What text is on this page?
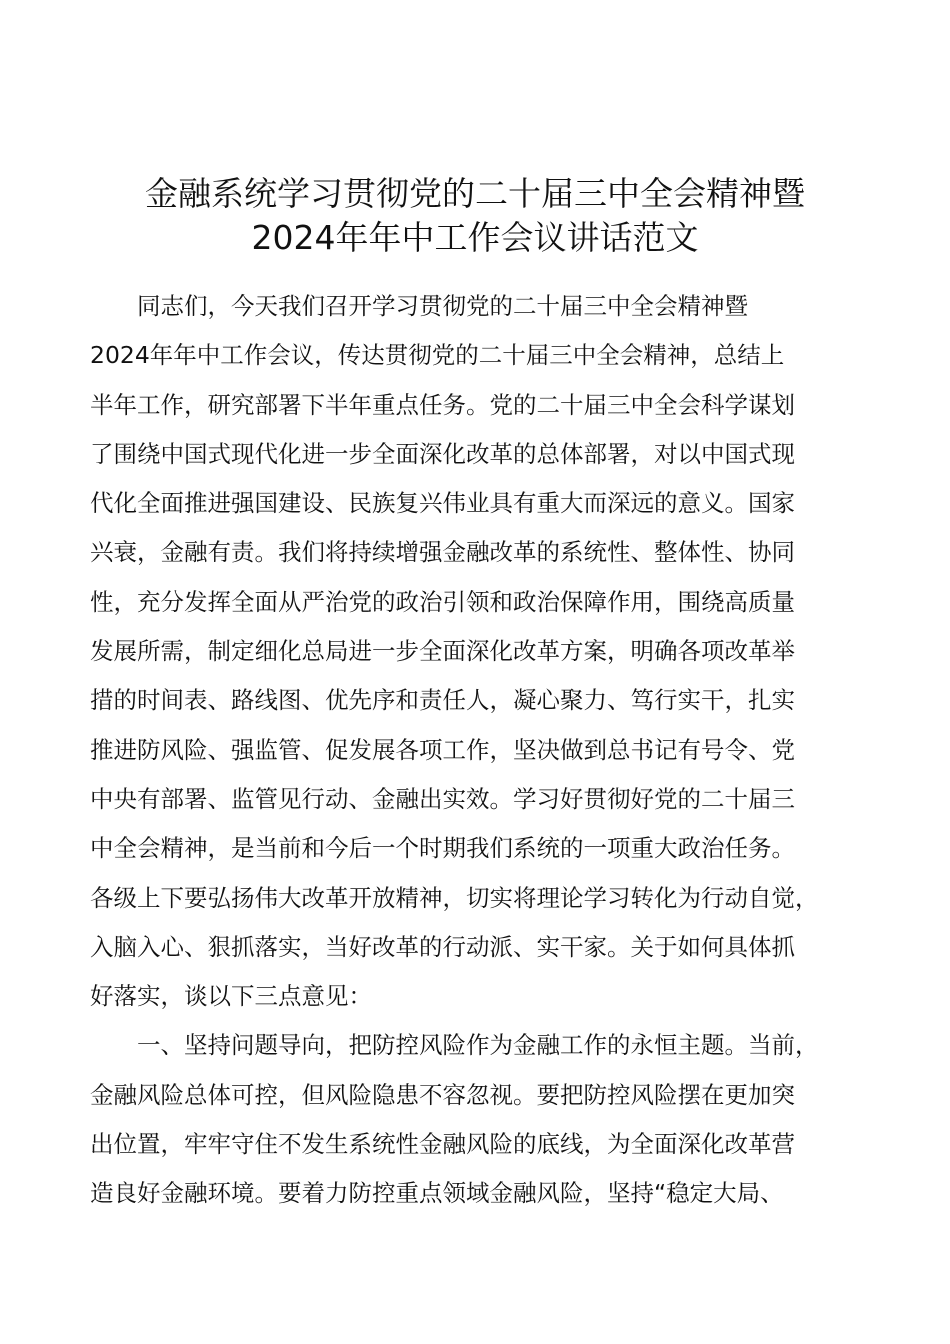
金融系统学习贯彻党的二十届三中全会精神暨
2024年年中工作会议讲话范文
同志们，今天我们召开学习贯彻党的二十届三中全会精神暨
2024年年中工作会议，传达贯彻党的二十届三中全会精神，总结上
半年工作，研究部署下半年重点任务。党的二十届三中全会科学谋划
了围绕中国式现代化进一步全面深化改革的总体部署，对以中国式现
代化全面推进强国建设、民族复兴伟业具有重大而深远的意义。国家
兴衰，金融有责。我们将持续增强金融改革的系统性、整体性、协同
性，充分发挥全面从严治党的政治引领和政治保障作用，围绕高质量
发展所需，制定细化总局进一步全面深化改革方案，明确各项改革举
措的时间表、路线图、优先序和责任人，凝心聚力、笃行实干，扎实
推进防风险、强监管、促发展各项工作，坚决做到总书记有号令、党
中央有部署、监管见行动、金融出实效。学习好贯彻好党的二十届三
中全会精神，是当前和今后一个时期我们系统的一项重大政治任务。
各级上下要弘扬伟大改革开放精神，切实将理论学习转化为行动自觉，
入脑入心、狠抓落实，当好改革的行动派、实干家。关于如何具体抓
好落实，谈以下三点意见：
一、坚持问题导向，把防控风险作为金融工作的永恒主题。当前，
金融风险总体可控，但风险隐患不容忽视。要把防控风险摆在更加突
出位置，牢牢守住不发生系统性金融风险的底线，为全面深化改革营
造良好金融环境。要着力防控重点领域金融风险，坚持“稳定大局、
